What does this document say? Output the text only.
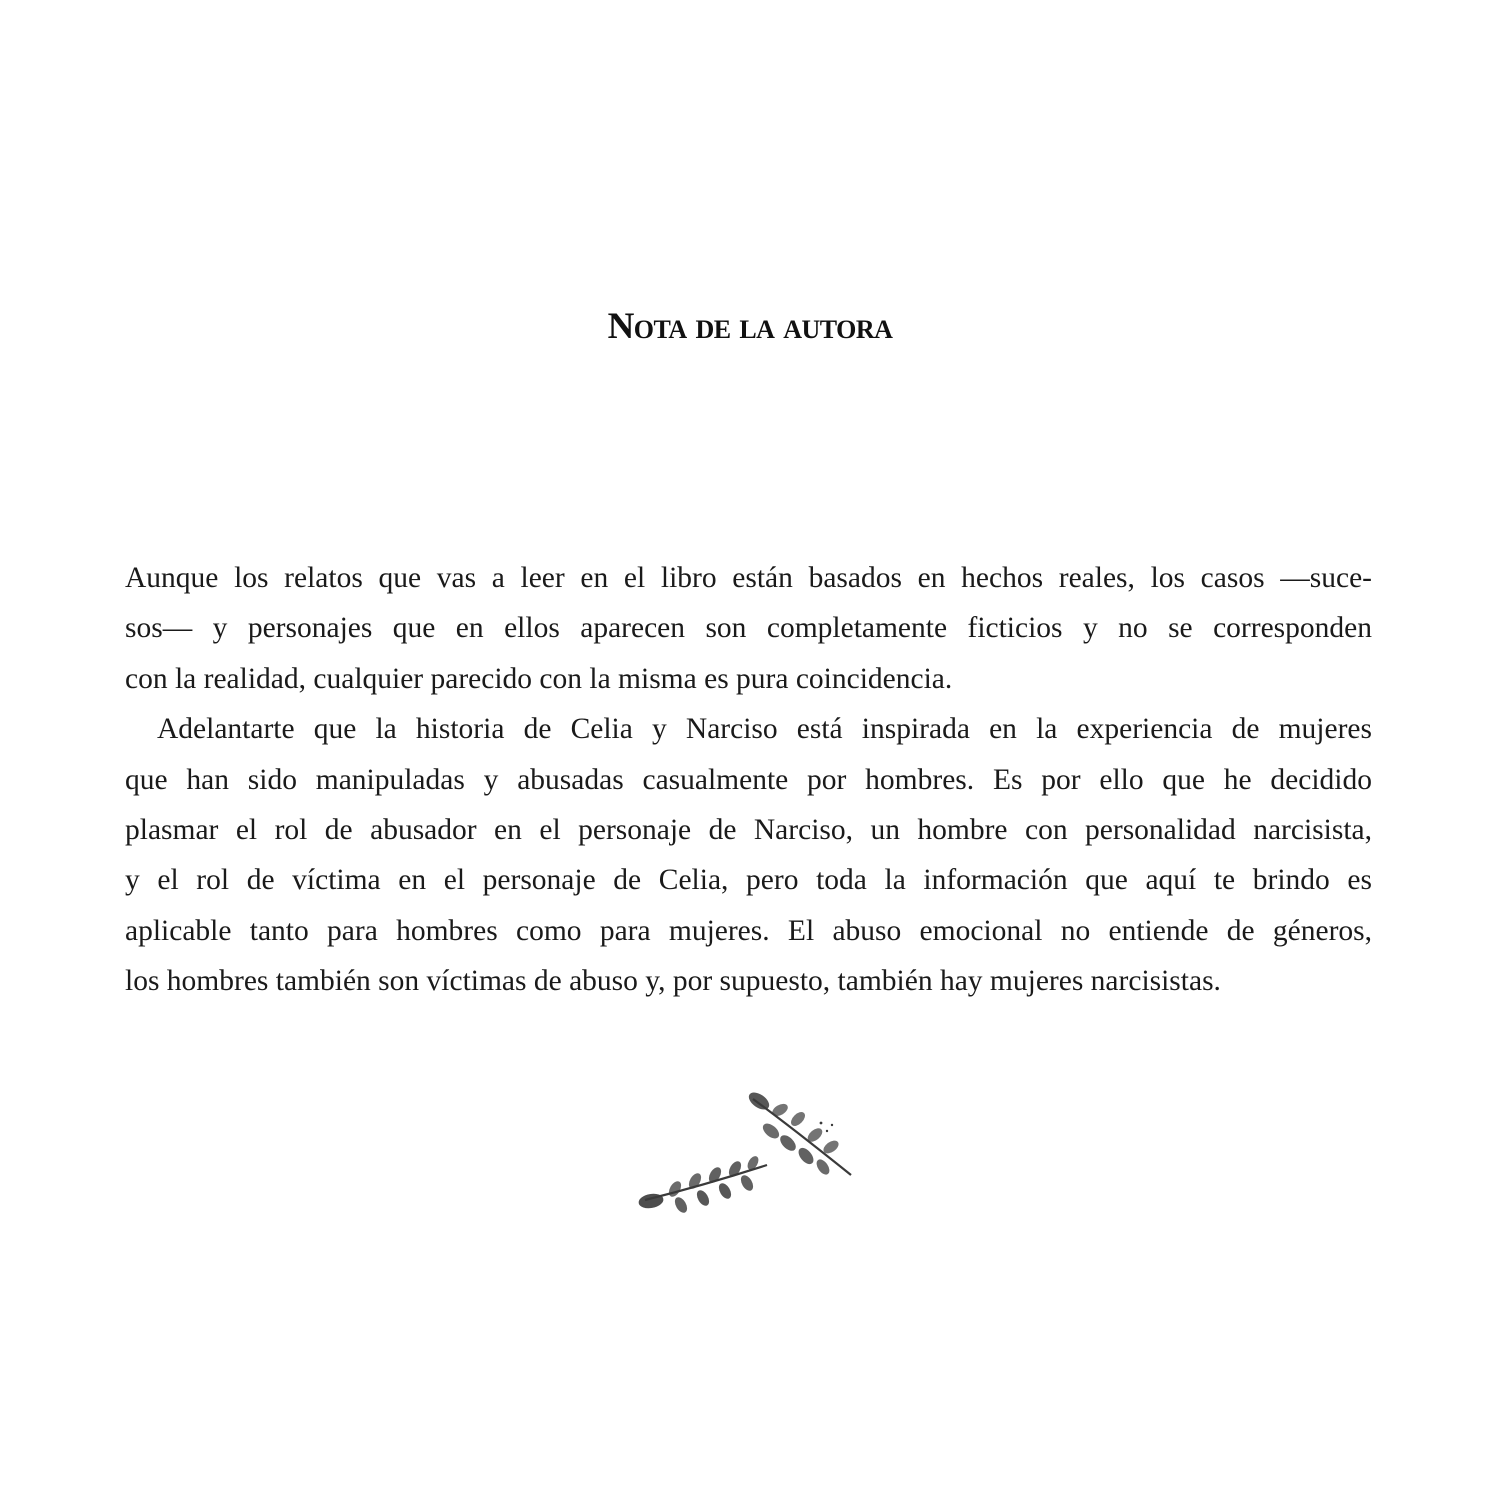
Nota de la autora
Aunque los relatos que vas a leer en el libro están basados en hechos reales, los casos —suce-
sos— y personajes que en ellos aparecen son completamente ficticios y no se corresponden
con la realidad, cualquier parecido con la misma es pura coincidencia.
Adelantarte que la historia de Celia y Narciso está inspirada en la experiencia de mujeres
que han sido manipuladas y abusadas casualmente por hombres. Es por ello que he decidido
plasmar el rol de abusador en el personaje de Narciso, un hombre con personalidad narcisista,
y el rol de víctima en el personaje de Celia, pero toda la información que aquí te brindo es
aplicable tanto para hombres como para mujeres. El abuso emocional no entiende de géneros,
los hombres también son víctimas de abuso y, por supuesto, también hay mujeres narcisistas.
